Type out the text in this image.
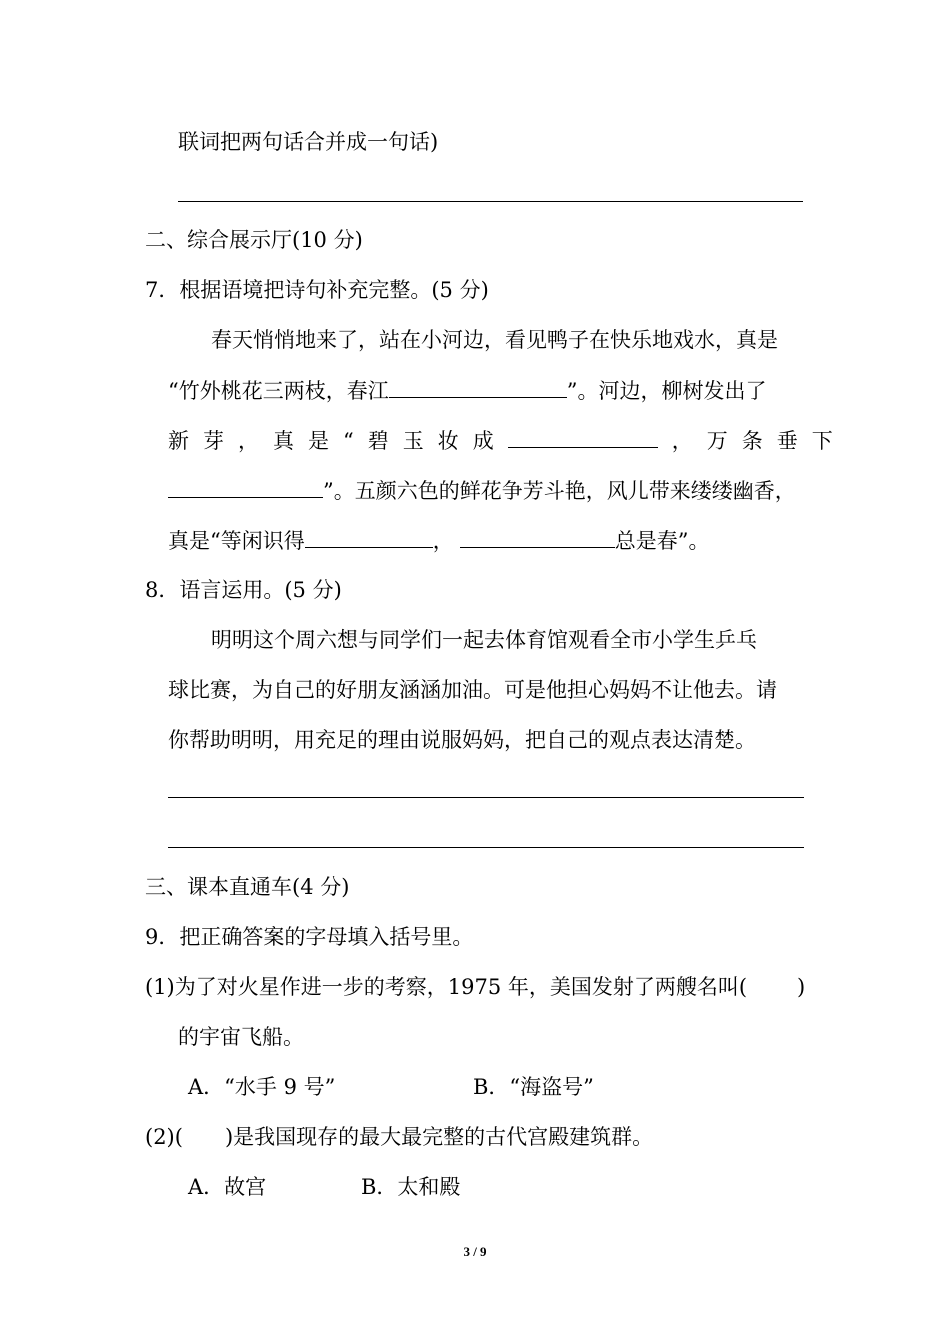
联词把两句话合并成一句话)
二、综合展示厅(10 分)
7．根据语境把诗句补充完整。(5 分)
春天悄悄地来了，站在小河边，看见鸭子在快乐地戏水，真是
“竹外桃花三两枝，春江	”。河边，柳树发出了
新芽，真是“碧玉妆成	，万条垂下
”。五颜六色的鲜花争芳斗艳，风儿带来缕缕幽香，
真是“等闲识得	，	总是春”。
8．语言运用。(5 分)
明明这个周六想与同学们一起去体育馆观看全市小学生乒乓
球比赛，为自己的好朋友涵涵加油。可是他担心妈妈不让他去。请
你帮助明明，用充足的理由说服妈妈，把自己的观点表达清楚。
三、课本直通车(4 分)
9．把正确答案的字母填入括号里。
(1)为了对火星作进一步的考察，1975 年，美国发射了两艘名叫( )
的宇宙飞船。
A．“水手 9 号”	B．“海盗号”
(2)(　　)是我国现存的最大最完整的古代宫殿建筑群。
A．故宫	B．太和殿
3 / 9
